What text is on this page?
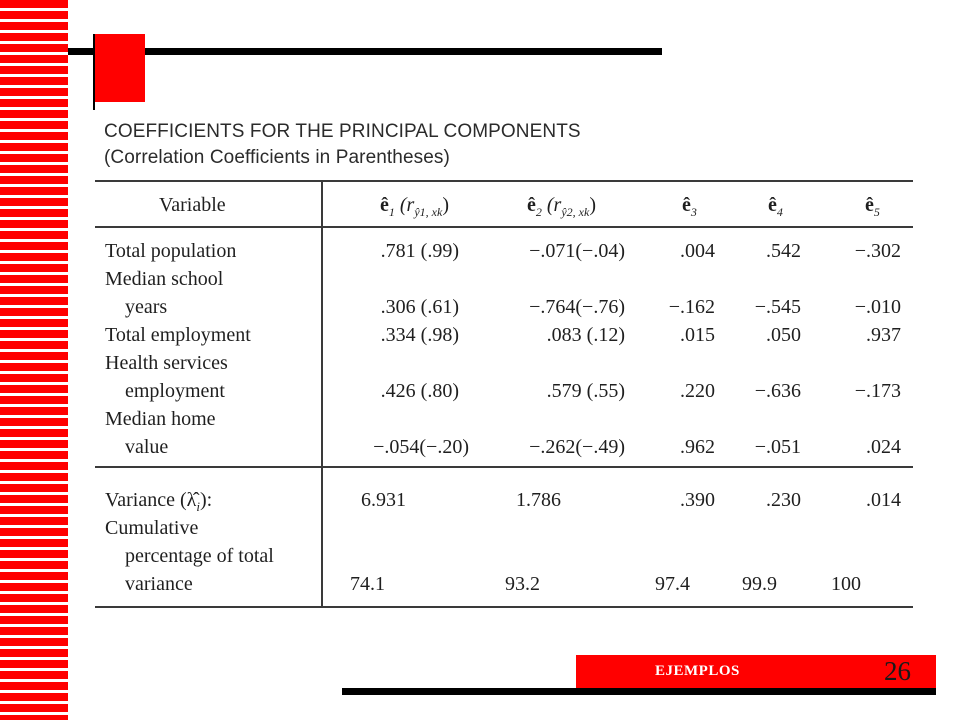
COEFFICIENTS FOR THE PRINCIPAL COMPONENTS
(Correlation Coefficients in Parentheses)
Variable	$ê_1$ $(r_{ŷ1, xk})$	$ê_2$ $(r_{ŷ2, xk})$	$ê_3$	$ê_4$	$ê_5$
Total population	.781 (.99)	−.071(−.04)	.004	.542	−.302
Median school
years	.306 (.61)	−.764(−.76)	−.162	−.545	−.010
Total employment	.334 (.98)	.083 (.12)	.015	.050	.937
Health services
employment	.426 (.80)	.579 (.55)	.220	−.636	−.173
Median home
value	−.054(−.20)	−.262(−.49)	.962	−.051	.024
Variance $(\lambdâ_i)$:	6.931	1.786	.390	.230	.014
Cumulative
percentage of total
variance	74.1	93.2	97.4	99.9	100
EJEMPLOS	26
